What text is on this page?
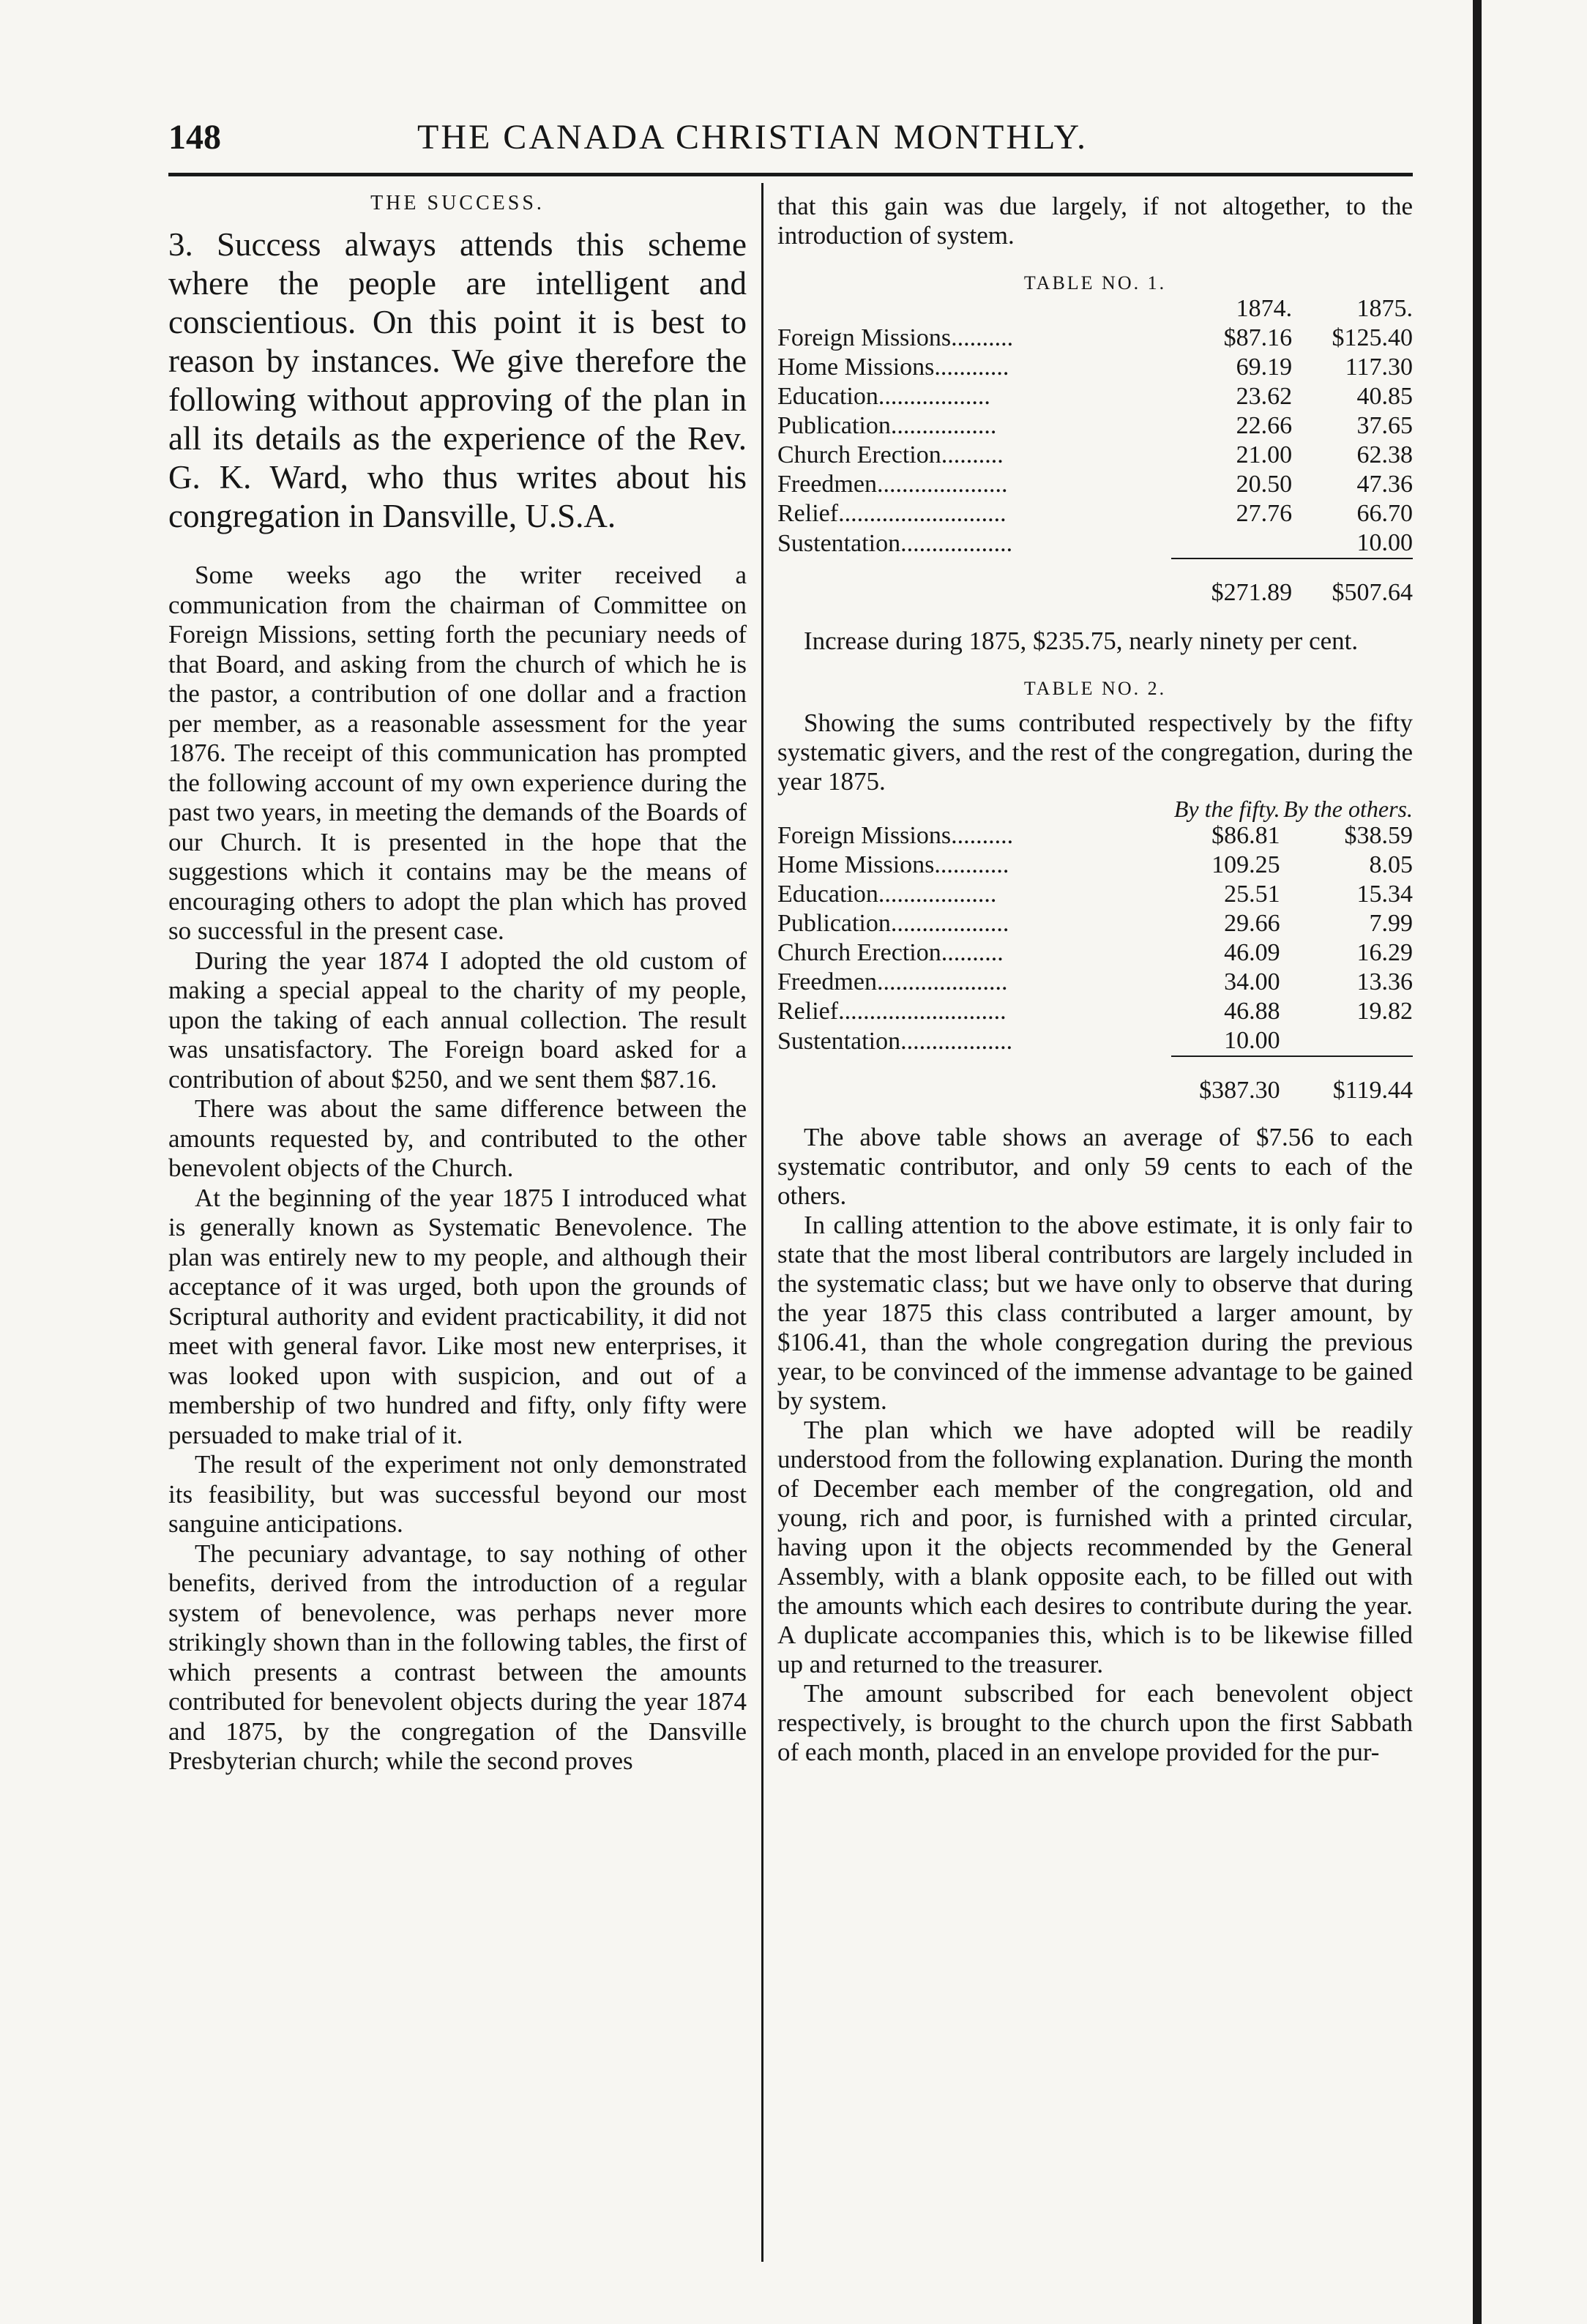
148	THE CANADA CHRISTIAN MONTHLY.
THE SUCCESS.

3. Success always attends this scheme where the people are intelligent and conscientious. On this point it is best to reason by instances. We give therefore the following without approving of the plan in all its details as the experience of the Rev. G. K. Ward, who thus writes about his congregation in Dansville, U.S.A.

Some weeks ago the writer received a communication from the chairman of Committee on Foreign Missions, setting forth the pecuniary needs of that Board, and asking from the church of which he is the pastor, a contribution of one dollar and a fraction per member, as a reasonable assessment for the year 1876. The receipt of this communication has prompted the following account of my own experience during the past two years, in meeting the demands of the Boards of our Church. It is presented in the hope that the suggestions which it contains may be the means of encouraging others to adopt the plan which has proved so successful in the present case.

During the year 1874 I adopted the old custom of making a special appeal to the charity of my people, upon the taking of each annual collection. The result was unsatisfactory. The Foreign board asked for a contribution of about $250, and we sent them $87.16.

There was about the same difference between the amounts requested by, and contributed to the other benevolent objects of the Church.

At the beginning of the year 1875 I introduced what is generally known as Systematic Benevolence. The plan was entirely new to my people, and although their acceptance of it was urged, both upon the grounds of Scriptural authority and evident practicability, it did not meet with general favor. Like most new enterprises, it was looked upon with suspicion, and out of a membership of two hundred and fifty, only fifty were persuaded to make trial of it.

The result of the experiment not only demonstrated its feasibility, but was successful beyond our most sanguine anticipations.

The pecuniary advantage, to say nothing of other benefits, derived from the introduction of a regular system of benevolence, was perhaps never more strikingly shown than in the following tables, the first of which presents a contrast between the amounts contributed for benevolent objects during the year 1874 and 1875, by the congregation of the Dansville Presbyterian church; while the second proves

that this gain was due largely, if not altogether, to the introduction of system.

TABLE NO. 1.
	1874.	1875.
Foreign Missions..........	$87.16	$125.40
Home Missions............	69.19	117.30
Education..................	23.62	40.85
Publication.................	22.66	37.65
Church Erection..........	21.00	62.38
Freedmen.....................	20.50	47.36
Relief...........................	27.76	66.70
Sustentation..................		10.00
	$271.89	$507.64

Increase during 1875, $235.75, nearly ninety per cent.

TABLE NO. 2.

Showing the sums contributed respectively by the fifty systematic givers, and the rest of the congregation, during the year 1875.

	By the fifty.	By the others.
Foreign Missions..........	$86.81	$38.59
Home Missions............	109.25	8.05
Education...................	25.51	15.34
Publication...................	29.66	7.99
Church Erection..........	46.09	16.29
Freedmen.....................	34.00	13.36
Relief...........................	46.88	19.82
Sustentation..................	10.00	
	$387.30	$119.44

The above table shows an average of $7.56 to each systematic contributor, and only 59 cents to each of the others.

In calling attention to the above estimate, it is only fair to state that the most liberal contributors are largely included in the systematic class; but we have only to observe that during the year 1875 this class contributed a larger amount, by $106.41, than the whole congregation during the previous year, to be convinced of the immense advantage to be gained by system.

The plan which we have adopted will be readily understood from the following explanation. During the month of December each member of the congregation, old and young, rich and poor, is furnished with a printed circular, having upon it the objects recommended by the General Assembly, with a blank opposite each, to be filled out with the amounts which each desires to contribute during the year. A duplicate accompanies this, which is to be likewise filled up and returned to the treasurer.

The amount subscribed for each benevolent object respectively, is brought to the church upon the first Sabbath of each month, placed in an envelope provided for the pur-
